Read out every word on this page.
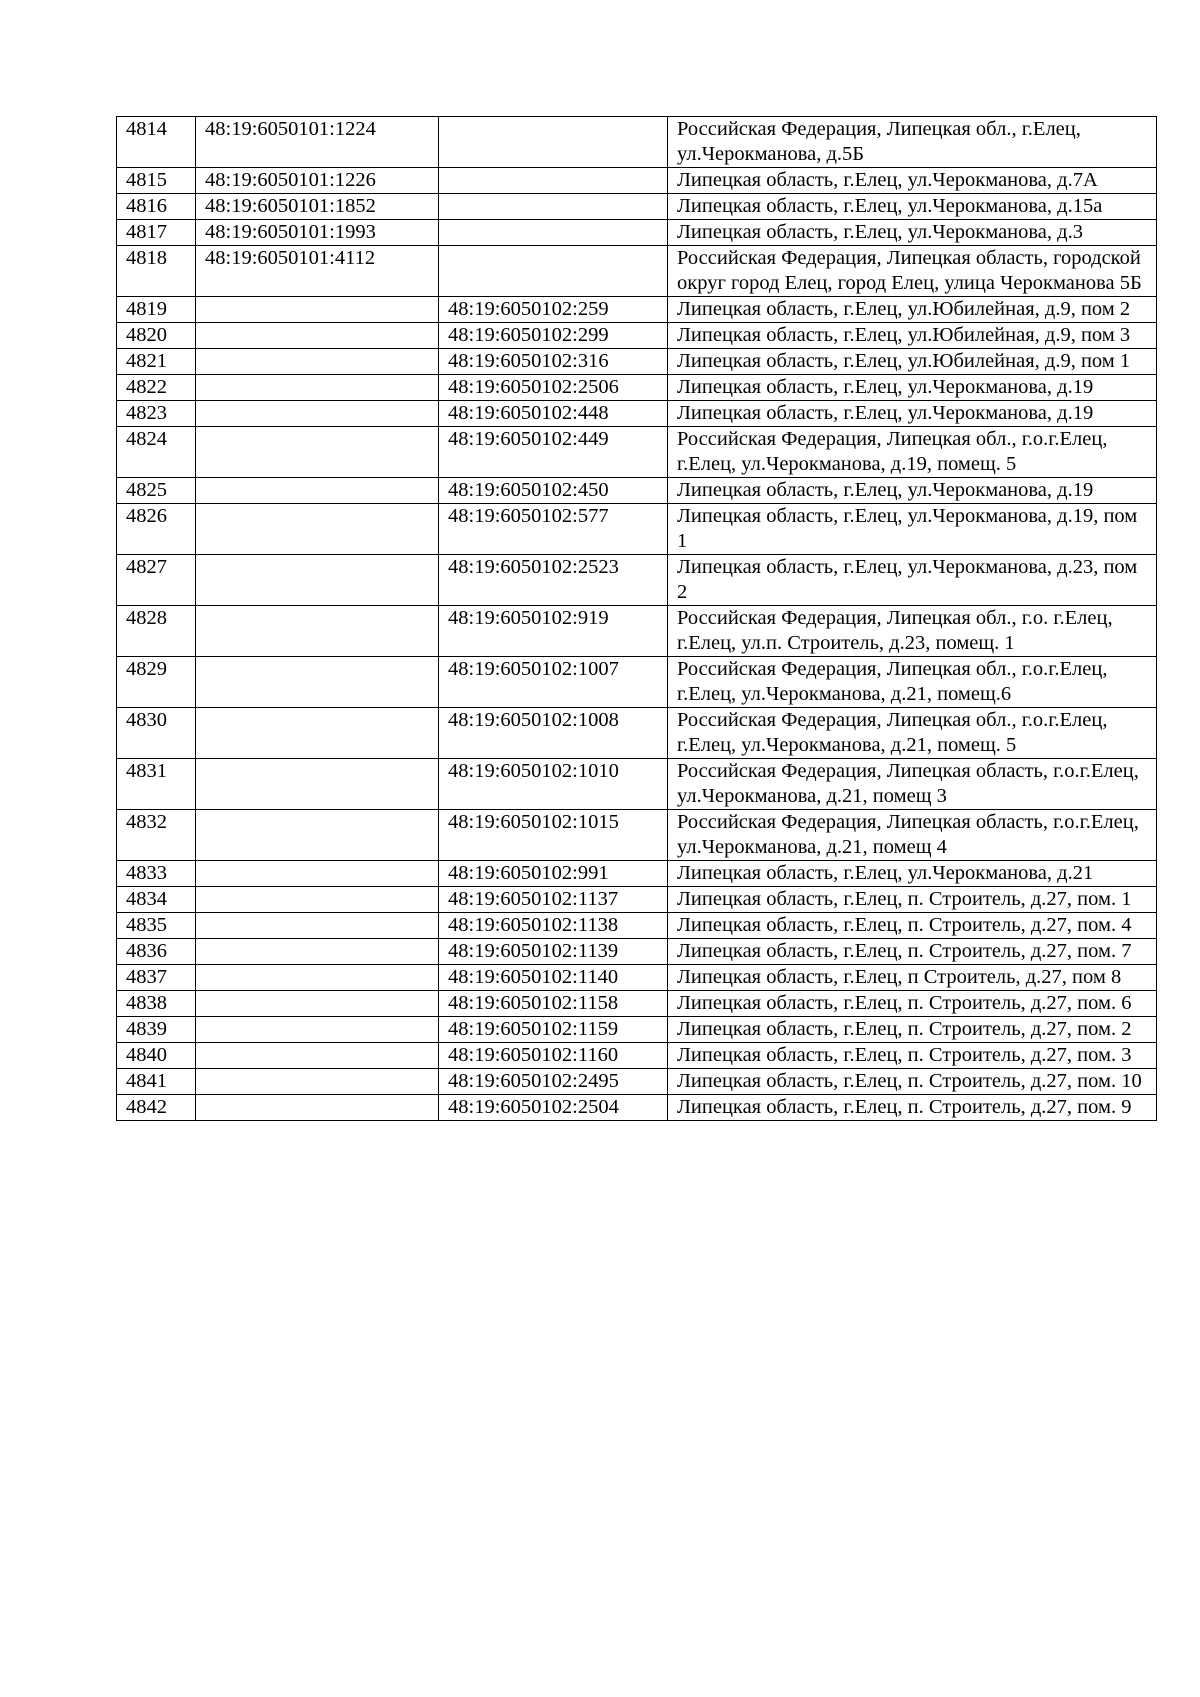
4814	48:19:6050101:1224		Российская Федерация, Липецкая обл., г.Елец, ул.Черокманова, д.5Б
4815	48:19:6050101:1226		Липецкая область, г.Елец, ул.Черокманова, д.7А
4816	48:19:6050101:1852		Липецкая область, г.Елец, ул.Черокманова, д.15а
4817	48:19:6050101:1993		Липецкая область, г.Елец, ул.Черокманова, д.3
4818	48:19:6050101:4112		Российская Федерация, Липецкая область, городской округ город Елец, город Елец, улица Черокманова 5Б
4819		48:19:6050102:259	Липецкая область, г.Елец, ул.Юбилейная, д.9, пом 2
4820		48:19:6050102:299	Липецкая область, г.Елец, ул.Юбилейная, д.9, пом 3
4821		48:19:6050102:316	Липецкая область, г.Елец, ул.Юбилейная, д.9, пом 1
4822		48:19:6050102:2506	Липецкая область, г.Елец, ул.Черокманова, д.19
4823		48:19:6050102:448	Липецкая область, г.Елец, ул.Черокманова, д.19
4824		48:19:6050102:449	Российская Федерация, Липецкая обл., г.о.г.Елец, г.Елец, ул.Черокманова, д.19, помещ. 5
4825		48:19:6050102:450	Липецкая область, г.Елец, ул.Черокманова, д.19
4826		48:19:6050102:577	Липецкая область, г.Елец, ул.Черокманова, д.19, пом 1
4827		48:19:6050102:2523	Липецкая область, г.Елец, ул.Черокманова, д.23, пом 2
4828		48:19:6050102:919	Российская Федерация, Липецкая обл., г.о. г.Елец, г.Елец, ул.п. Строитель, д.23, помещ. 1
4829		48:19:6050102:1007	Российская Федерация, Липецкая обл., г.о.г.Елец, г.Елец, ул.Черокманова, д.21, помещ.6
4830		48:19:6050102:1008	Российская Федерация, Липецкая обл., г.о.г.Елец, г.Елец, ул.Черокманова, д.21, помещ. 5
4831		48:19:6050102:1010	Российская Федерация, Липецкая область, г.о.г.Елец, ул.Черокманова, д.21, помещ 3
4832		48:19:6050102:1015	Российская Федерация, Липецкая область, г.о.г.Елец, ул.Черокманова, д.21, помещ 4
4833		48:19:6050102:991	Липецкая область, г.Елец, ул.Черокманова, д.21
4834		48:19:6050102:1137	Липецкая область, г.Елец, п. Строитель, д.27, пом. 1
4835		48:19:6050102:1138	Липецкая область, г.Елец, п. Строитель, д.27, пом. 4
4836		48:19:6050102:1139	Липецкая область, г.Елец, п. Строитель, д.27, пом. 7
4837		48:19:6050102:1140	Липецкая область, г.Елец, п Строитель, д.27, пом 8
4838		48:19:6050102:1158	Липецкая область, г.Елец, п. Строитель, д.27, пом. 6
4839		48:19:6050102:1159	Липецкая область, г.Елец, п. Строитель, д.27, пом. 2
4840		48:19:6050102:1160	Липецкая область, г.Елец, п. Строитель, д.27, пом. 3
4841		48:19:6050102:2495	Липецкая область, г.Елец, п. Строитель, д.27, пом. 10
4842		48:19:6050102:2504	Липецкая область, г.Елец, п. Строитель, д.27, пом. 9
